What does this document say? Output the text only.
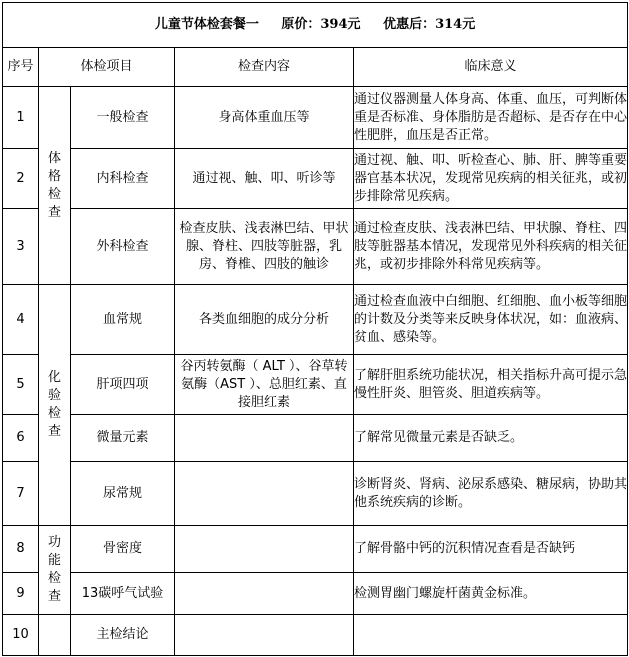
儿童节体检套餐一 原价：394元 优惠后：314元				
序号	体检项目		检查内容	临床意义
1	体格检查	一般检查	身高体重血压等	通过仪器测量人体身高、体重、血压，可判断体重是否标准、身体脂肪是否超标、是否存在中心性肥胖，血压是否正常。
2		内科检查	通过视、触、叩、听诊等	通过视、触、叩、听检查心、肺、肝、脾等重要器官基本状况，发现常见疾病的相关征兆，或初步排除常见疾病。
3		外科检查	检查皮肤、浅表淋巴结、甲状腺、脊柱、四肢等脏器，乳房、脊椎、四肢的触诊	通过检查皮肤、浅表淋巴结、甲状腺、脊柱、四肢等脏器基本情况，发现常见外科疾病的相关征兆，或初步排除外科常见疾病等。
4	化验检查	血常规	各类血细胞的成分分析	通过检查血液中白细胞、红细胞、血小板等细胞的计数及分类等来反映身体状况，如：血液病、贫血、感染等。
5		肝项四项	谷丙转氨酶（ ALT ）、谷草转氨酶（AST ）、总胆红素、直接胆红素	了解肝胆系统功能状况，相关指标升高可提示急慢性肝炎、胆管炎、胆道疾病等。
6		微量元素		了解常见微量元素是否缺乏。
7		尿常规		诊断肾炎、肾病、泌尿系感染、糖尿病，协助其他系统疾病的诊断。
8	功能检查	骨密度		了解骨骼中钙的沉积情况查看是否缺钙
9		13碳呼气试验		检测胃幽门螺旋杆菌黄金标准。
10		主检结论		
